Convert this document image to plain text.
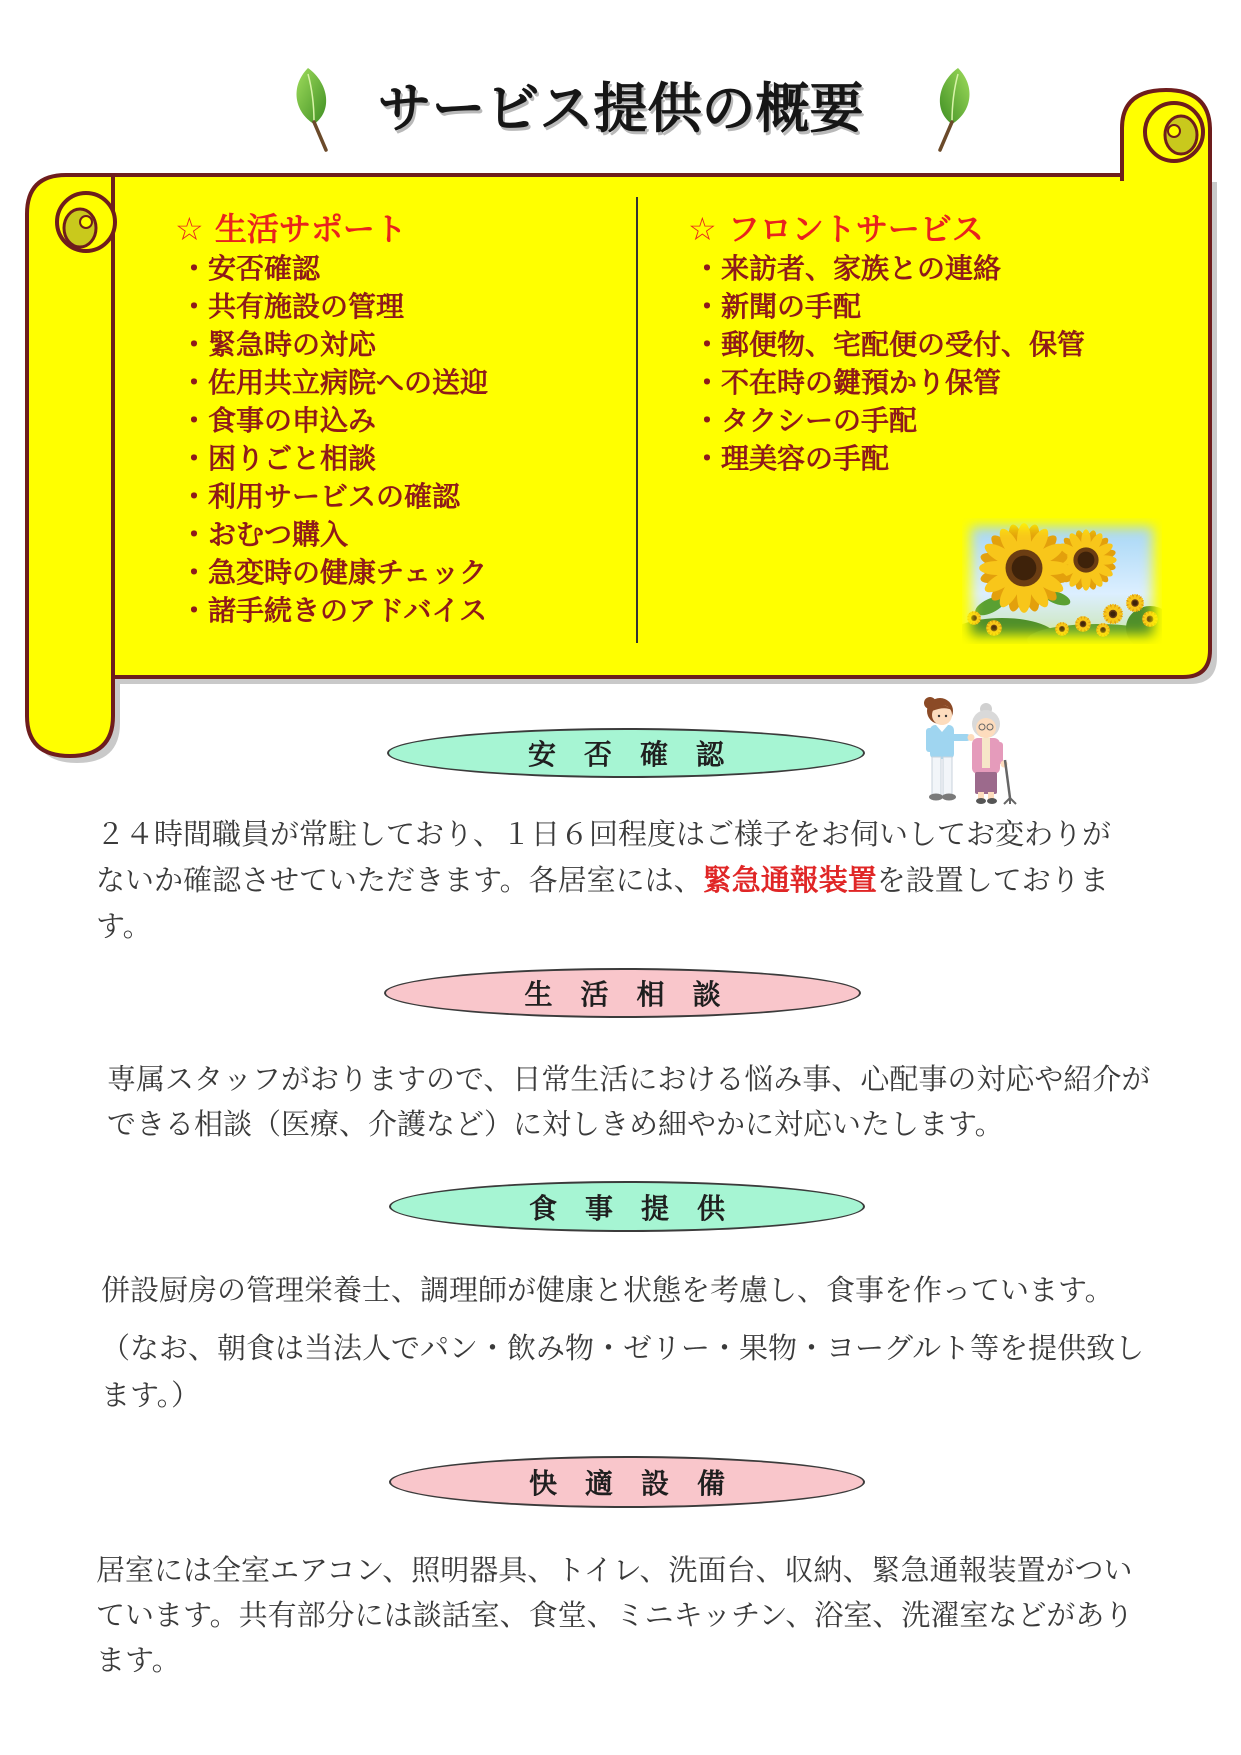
サービス提供の概要
☆ 生活サポート
・安否確認
・共有施設の管理
・緊急時の対応
・佐用共立病院への送迎
・食事の申込み
・困りごと相談
・利用サービスの確認
・おむつ購入
・急変時の健康チェック
・諸手続きのアドバイス
☆ フロントサービス
・来訪者、家族との連絡
・新聞の手配
・郵便物、宅配便の受付、保管
・不在時の鍵預かり保管
・タクシーの手配
・理美容の手配
安　否　確　認
２４時間職員が常駐しており、１日６回程度はご様子をお伺いしてお変わりが
ないか確認させていただきます。各居室には、緊急通報装置を設置しておりま
す。
生　活　相　談
専属スタッフがおりますので、日常生活における悩み事、心配事の対応や紹介が
できる相談（医療、介護など）に対しきめ細やかに対応いたします。
食　事　提　供
併設厨房の管理栄養士、調理師が健康と状態を考慮し、食事を作っています。
（なお、朝食は当法人でパン・飲み物・ゼリー・果物・ヨーグルト等を提供致し
ます。）
快　適　設　備
居室には全室エアコン、照明器具、トイレ、洗面台、収納、緊急通報装置がつい
ています。共有部分には談話室、食堂、ミニキッチン、浴室、洗濯室などがあり
ます。
